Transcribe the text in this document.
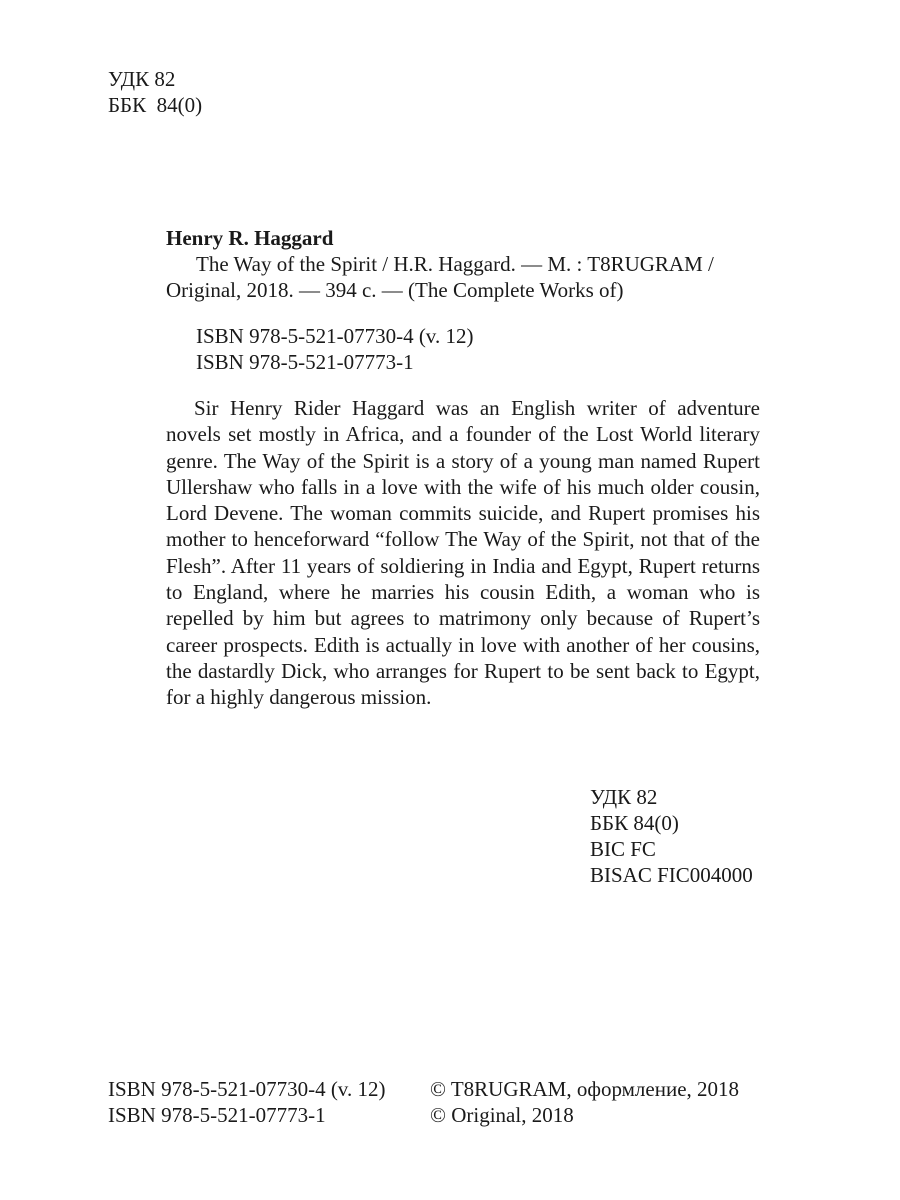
УДК 82
ББК  84(0)
Henry R. Haggard
The Way of the Spirit / H.R. Haggard. — M. : T8RUGRAM /
Original, 2018. — 394 c. — (The Complete Works of)
ISBN 978-5-521-07730-4 (v. 12)
ISBN 978-5-521-07773-1
Sir Henry Rider Haggard was an English writer of adventure novels set mostly in Africa, and a founder of the Lost World literary genre. The Way of the Spirit is a story of a young man named Rupert Ullershaw who falls in a love with the wife of his much older cousin, Lord Devene. The woman commits suicide, and Rupert promises his mother to henceforward “follow The Way of the Spirit, not that of the Flesh”. After 11 years of soldiering in India and Egypt, Rupert returns to England, where he marries his cousin Edith, a woman who is repelled by him but agrees to matrimony only because of Rupert’s career prospects. Edith is actually in love with another of her cousins, the dastardly Dick, who arranges for Rupert to be sent back to Egypt, for a highly dangerous mission.
УДК 82
ББК 84(0)
BIC FC
BISAC FIC004000
ISBN 978-5-521-07730-4 (v. 12)
ISBN 978-5-521-07773-1
© T8RUGRAM, оформление, 2018
© Original, 2018
